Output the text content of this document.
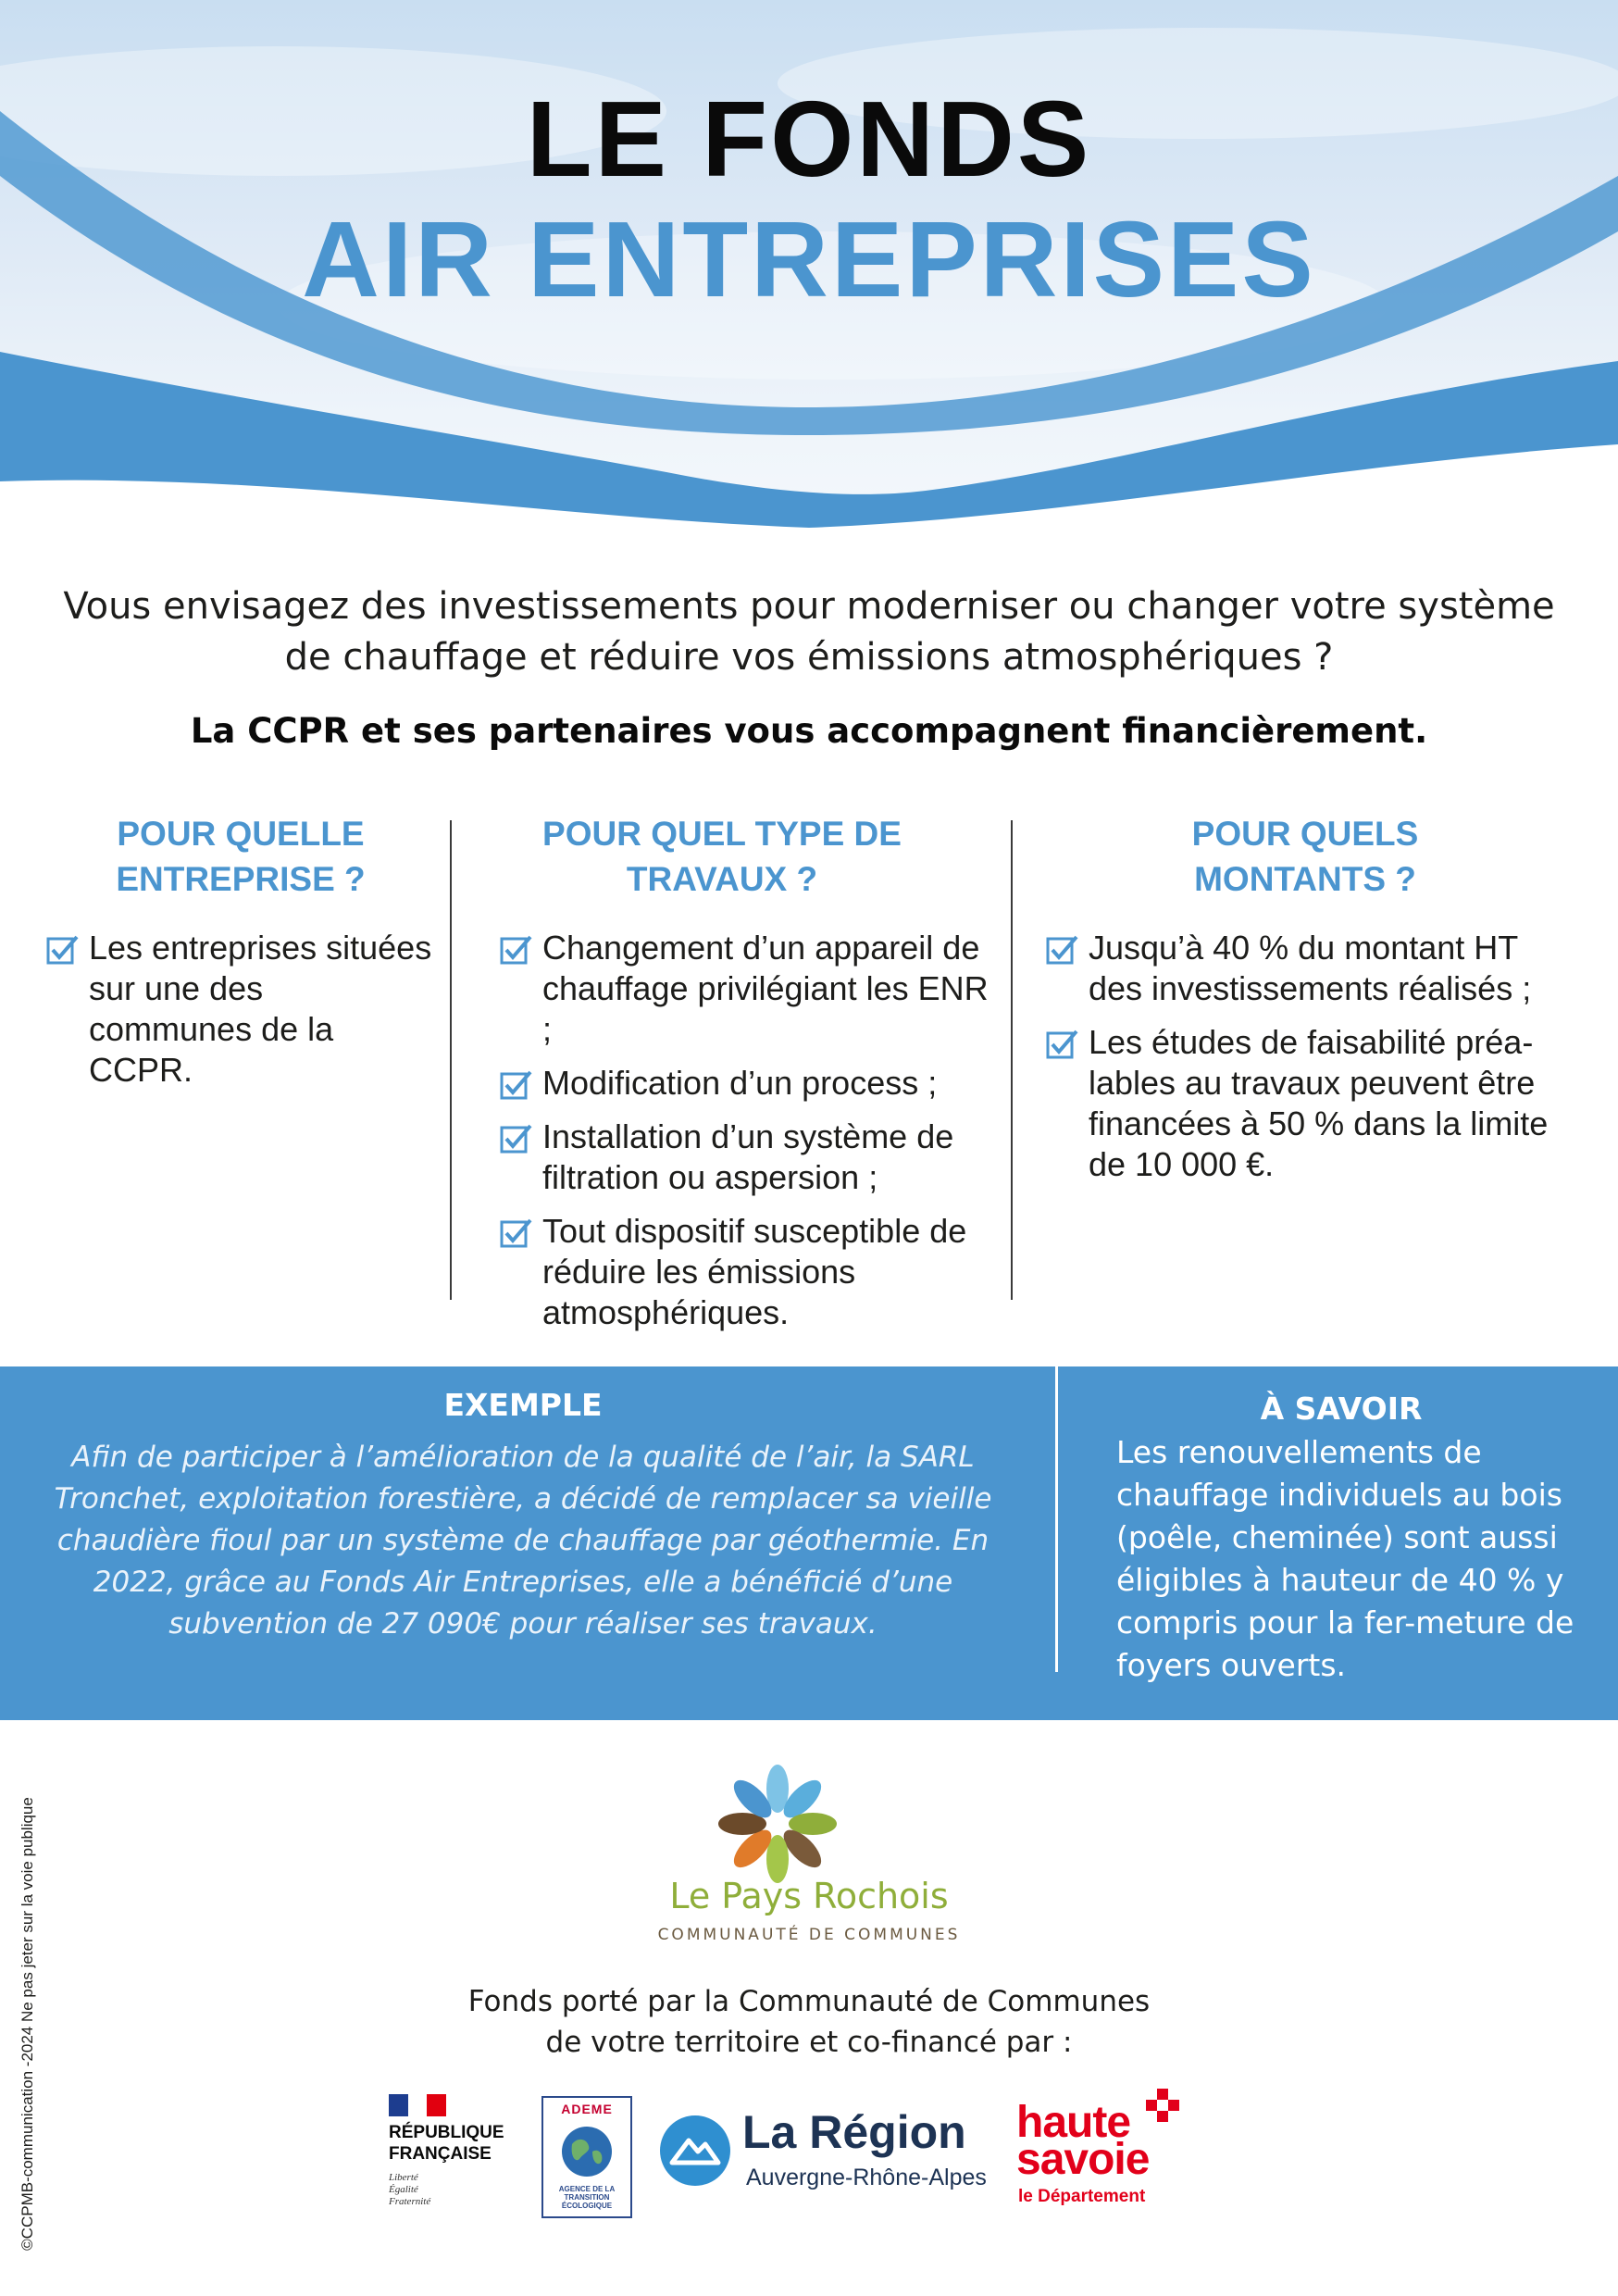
LE FONDS
AIR ENTREPRISES
Vous envisagez des investissements pour moderniser ou changer votre système de chauffage et réduire vos émissions atmosphériques ?
La CCPR et ses partenaires vous accompagnent financièrement.
POUR QUELLE ENTREPRISE ?
Les entreprises situées sur une des communes de la CCPR.
POUR QUEL TYPE DE TRAVAUX ?
Changement d’un appareil de chauffage privilégiant les ENR ;
Modification d’un process ;
Installation d’un système de filtration ou aspersion ;
Tout dispositif susceptible de réduire les émissions atmosphériques.
POUR QUELS MONTANTS ?
Jusqu’à 40 % du montant HT des investissements réalisés ;
Les études de faisabilité préa-lables au travaux peuvent être financées à 50 % dans la limite de 10 000 €.
EXEMPLE
Afin de participer à l’amélioration de la qualité de l’air, la SARL Tronchet, exploitation forestière, a décidé de remplacer sa vieille chaudière fioul par un système de chauffage par géothermie. En 2022, grâce au Fonds Air Entreprises, elle a bénéficié d’une subvention de 27 090€ pour réaliser ses travaux.
À SAVOIR
Les renouvellements de chauffage individuels au bois (poêle, cheminée) sont aussi éligibles à hauteur de 40 % y compris pour la fer-meture de foyers ouverts.
©CCPMB-communication -2024 Ne pas jeter sur la voie publique	Le Pays Rochois
COMMUNAUTÉ DE COMMUNES
Fonds porté par la Communauté de Communes
de votre territoire et co-financé par :
RÉPUBLIQUE
FRANÇAISE
Liberté
Égalité
Fraternité
ADEME
AGENCE DE LA TRANSITION ÉCOLOGIQUE
La Région
Auvergne-Rhône-Alpes
haute
savoie
le Département
